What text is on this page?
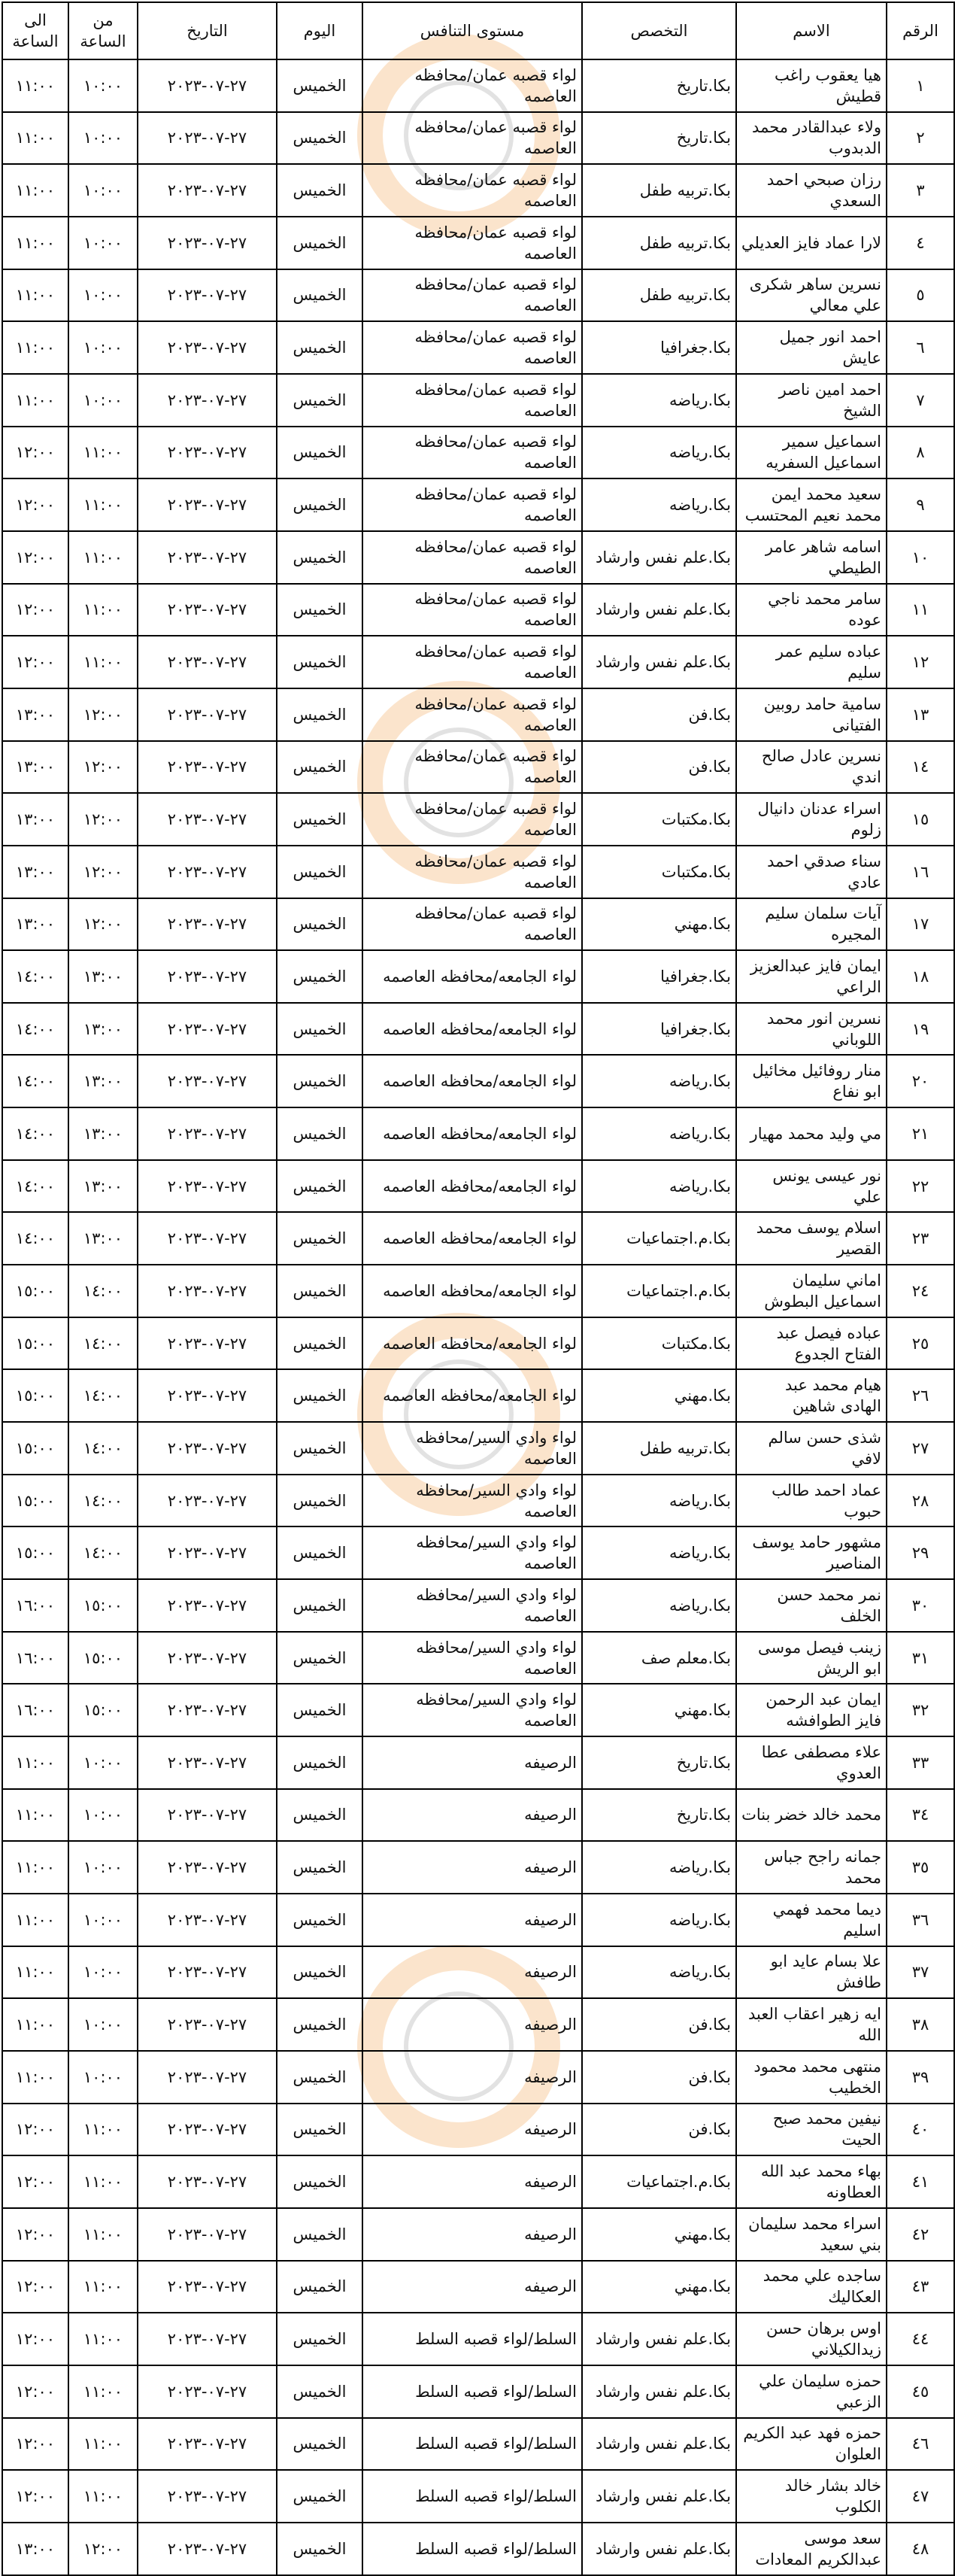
الرقم	الاسم	التخصص	مستوى التنافس	اليوم	التاريخ	من الساعة	الى الساعة
١	هيا يعقوب راغب قطيش	بكا.تاريخ	لواء قصبه عمان/محافظه العاصمه	الخميس	٢٧-٠٧-٢٠٢٣	١٠:٠٠	١١:٠٠
٢	ولاء عبدالقادر محمد الدبدوب	بكا.تاريخ	لواء قصبه عمان/محافظه العاصمه	الخميس	٢٧-٠٧-٢٠٢٣	١٠:٠٠	١١:٠٠
٣	رزان صبحي احمد السعدي	بكا.تربيه طفل	لواء قصبه عمان/محافظه العاصمه	الخميس	٢٧-٠٧-٢٠٢٣	١٠:٠٠	١١:٠٠
٤	لارا عماد فايز العديلي	بكا.تربيه طفل	لواء قصبه عمان/محافظه العاصمه	الخميس	٢٧-٠٧-٢٠٢٣	١٠:٠٠	١١:٠٠
٥	نسرين ساهر شكرى علي معالي	بكا.تربيه طفل	لواء قصبه عمان/محافظه العاصمه	الخميس	٢٧-٠٧-٢٠٢٣	١٠:٠٠	١١:٠٠
٦	احمد انور جميل عايش	بكا.جغرافيا	لواء قصبه عمان/محافظه العاصمه	الخميس	٢٧-٠٧-٢٠٢٣	١٠:٠٠	١١:٠٠
٧	احمد امين ناصر الشيخ	بكا.رياضه	لواء قصبه عمان/محافظه العاصمه	الخميس	٢٧-٠٧-٢٠٢٣	١٠:٠٠	١١:٠٠
٨	اسماعيل سمير اسماعيل السفريه	بكا.رياضه	لواء قصبه عمان/محافظه العاصمه	الخميس	٢٧-٠٧-٢٠٢٣	١١:٠٠	١٢:٠٠
٩	سعيد محمد ايمن محمد نعيم المحتسب	بكا.رياضه	لواء قصبه عمان/محافظه العاصمه	الخميس	٢٧-٠٧-٢٠٢٣	١١:٠٠	١٢:٠٠
١٠	اسامه شاهر عامر الطيطي	بكا.علم نفس وارشاد	لواء قصبه عمان/محافظه العاصمه	الخميس	٢٧-٠٧-٢٠٢٣	١١:٠٠	١٢:٠٠
١١	سامر محمد ناجي عوده	بكا.علم نفس وارشاد	لواء قصبه عمان/محافظه العاصمه	الخميس	٢٧-٠٧-٢٠٢٣	١١:٠٠	١٢:٠٠
١٢	عباده سليم عمر سليم	بكا.علم نفس وارشاد	لواء قصبه عمان/محافظه العاصمه	الخميس	٢٧-٠٧-٢٠٢٣	١١:٠٠	١٢:٠٠
١٣	سامية حامد روبين الفتيانى	بكا.فن	لواء قصبه عمان/محافظه العاصمه	الخميس	٢٧-٠٧-٢٠٢٣	١٢:٠٠	١٣:٠٠
١٤	نسرين عادل صالح اندي	بكا.فن	لواء قصبه عمان/محافظه العاصمه	الخميس	٢٧-٠٧-٢٠٢٣	١٢:٠٠	١٣:٠٠
١٥	اسراء عدنان دانيال زلوم	بكا.مكتبات	لواء قصبه عمان/محافظه العاصمه	الخميس	٢٧-٠٧-٢٠٢٣	١٢:٠٠	١٣:٠٠
١٦	سناء صدقي احمد عادي	بكا.مكتبات	لواء قصبه عمان/محافظه العاصمه	الخميس	٢٧-٠٧-٢٠٢٣	١٢:٠٠	١٣:٠٠
١٧	آيات سلمان سليم المجيره	بكا.مهني	لواء قصبه عمان/محافظه العاصمه	الخميس	٢٧-٠٧-٢٠٢٣	١٢:٠٠	١٣:٠٠
١٨	ايمان فايز عبدالعزيز الراعي	بكا.جغرافيا	لواء الجامعه/محافظه العاصمه	الخميس	٢٧-٠٧-٢٠٢٣	١٣:٠٠	١٤:٠٠
١٩	نسرين انور محمد اللوباني	بكا.جغرافيا	لواء الجامعه/محافظه العاصمه	الخميس	٢٧-٠٧-٢٠٢٣	١٣:٠٠	١٤:٠٠
٢٠	منار روفائيل مخائيل ابو نفاع	بكا.رياضه	لواء الجامعه/محافظه العاصمه	الخميس	٢٧-٠٧-٢٠٢٣	١٣:٠٠	١٤:٠٠
٢١	مي وليد محمد مهيار	بكا.رياضه	لواء الجامعه/محافظه العاصمه	الخميس	٢٧-٠٧-٢٠٢٣	١٣:٠٠	١٤:٠٠
٢٢	نور عيسى يونس علي	بكا.رياضه	لواء الجامعه/محافظه العاصمه	الخميس	٢٧-٠٧-٢٠٢٣	١٣:٠٠	١٤:٠٠
٢٣	اسلام يوسف محمد القصير	بكا.م.اجتماعيات	لواء الجامعه/محافظه العاصمه	الخميس	٢٧-٠٧-٢٠٢٣	١٣:٠٠	١٤:٠٠
٢٤	اماني سليمان اسماعيل البطوش	بكا.م.اجتماعيات	لواء الجامعه/محافظه العاصمه	الخميس	٢٧-٠٧-٢٠٢٣	١٤:٠٠	١٥:٠٠
٢٥	عباده فيصل عبد الفتاح الجدوع	بكا.مكتبات	لواء الجامعه/محافظه العاصمه	الخميس	٢٧-٠٧-٢٠٢٣	١٤:٠٠	١٥:٠٠
٢٦	هيام محمد عبد الهادى شاهين	بكا.مهني	لواء الجامعه/محافظه العاصمه	الخميس	٢٧-٠٧-٢٠٢٣	١٤:٠٠	١٥:٠٠
٢٧	شذى حسن سالم لافي	بكا.تربيه طفل	لواء وادي السير/محافظه العاصمه	الخميس	٢٧-٠٧-٢٠٢٣	١٤:٠٠	١٥:٠٠
٢٨	عماد احمد طالب حبوب	بكا.رياضه	لواء وادي السير/محافظه العاصمه	الخميس	٢٧-٠٧-٢٠٢٣	١٤:٠٠	١٥:٠٠
٢٩	مشهور حامد يوسف المناصير	بكا.رياضه	لواء وادي السير/محافظه العاصمه	الخميس	٢٧-٠٧-٢٠٢٣	١٤:٠٠	١٥:٠٠
٣٠	نمر محمد حسن الخلف	بكا.رياضه	لواء وادي السير/محافظه العاصمه	الخميس	٢٧-٠٧-٢٠٢٣	١٥:٠٠	١٦:٠٠
٣١	زينب فيصل موسى ابو الريش	بكا.معلم صف	لواء وادي السير/محافظه العاصمه	الخميس	٢٧-٠٧-٢٠٢٣	١٥:٠٠	١٦:٠٠
٣٢	ايمان عبد الرحمن فايز الطوافشه	بكا.مهني	لواء وادي السير/محافظه العاصمه	الخميس	٢٧-٠٧-٢٠٢٣	١٥:٠٠	١٦:٠٠
٣٣	علاء مصطفى عطا العدوي	بكا.تاريخ	الرصيفه	الخميس	٢٧-٠٧-٢٠٢٣	١٠:٠٠	١١:٠٠
٣٤	محمد خالد خضر بنات	بكا.تاريخ	الرصيفه	الخميس	٢٧-٠٧-٢٠٢٣	١٠:٠٠	١١:٠٠
٣٥	جمانه راجح جباس محمد	بكا.رياضه	الرصيفه	الخميس	٢٧-٠٧-٢٠٢٣	١٠:٠٠	١١:٠٠
٣٦	ديما محمد فهمي اسليم	بكا.رياضه	الرصيفه	الخميس	٢٧-٠٧-٢٠٢٣	١٠:٠٠	١١:٠٠
٣٧	علا بسام عايد ابو طافش	بكا.رياضه	الرصيفه	الخميس	٢٧-٠٧-٢٠٢٣	١٠:٠٠	١١:٠٠
٣٨	ايه زهير اعقاب العبد الله	بكا.فن	الرصيفه	الخميس	٢٧-٠٧-٢٠٢٣	١٠:٠٠	١١:٠٠
٣٩	منتهى محمد محمود الخطيب	بكا.فن	الرصيفه	الخميس	٢٧-٠٧-٢٠٢٣	١٠:٠٠	١١:٠٠
٤٠	نيفين محمد صبح الحيت	بكا.فن	الرصيفه	الخميس	٢٧-٠٧-٢٠٢٣	١١:٠٠	١٢:٠٠
٤١	بهاء محمد عبد الله العطاونه	بكا.م.اجتماعيات	الرصيفه	الخميس	٢٧-٠٧-٢٠٢٣	١١:٠٠	١٢:٠٠
٤٢	اسراء محمد سليمان بني سعيد	بكا.مهني	الرصيفه	الخميس	٢٧-٠٧-٢٠٢٣	١١:٠٠	١٢:٠٠
٤٣	ساجده علي محمد العكاليك	بكا.مهني	الرصيفه	الخميس	٢٧-٠٧-٢٠٢٣	١١:٠٠	١٢:٠٠
٤٤	اوس برهان حسن زيدالكيلاني	بكا.علم نفس وارشاد	السلط/لواء قصبه السلط	الخميس	٢٧-٠٧-٢٠٢٣	١١:٠٠	١٢:٠٠
٤٥	حمزه سليمان علي الزعبي	بكا.علم نفس وارشاد	السلط/لواء قصبه السلط	الخميس	٢٧-٠٧-٢٠٢٣	١١:٠٠	١٢:٠٠
٤٦	حمزه فهد عبد الكريم العلوان	بكا.علم نفس وارشاد	السلط/لواء قصبه السلط	الخميس	٢٧-٠٧-٢٠٢٣	١١:٠٠	١٢:٠٠
٤٧	خالد بشار خالد الكلوب	بكا.علم نفس وارشاد	السلط/لواء قصبه السلط	الخميس	٢٧-٠٧-٢٠٢٣	١١:٠٠	١٢:٠٠
٤٨	سعد موسى عبدالكريم المعادات	بكا.علم نفس وارشاد	السلط/لواء قصبه السلط	الخميس	٢٧-٠٧-٢٠٢٣	١٢:٠٠	١٣:٠٠
